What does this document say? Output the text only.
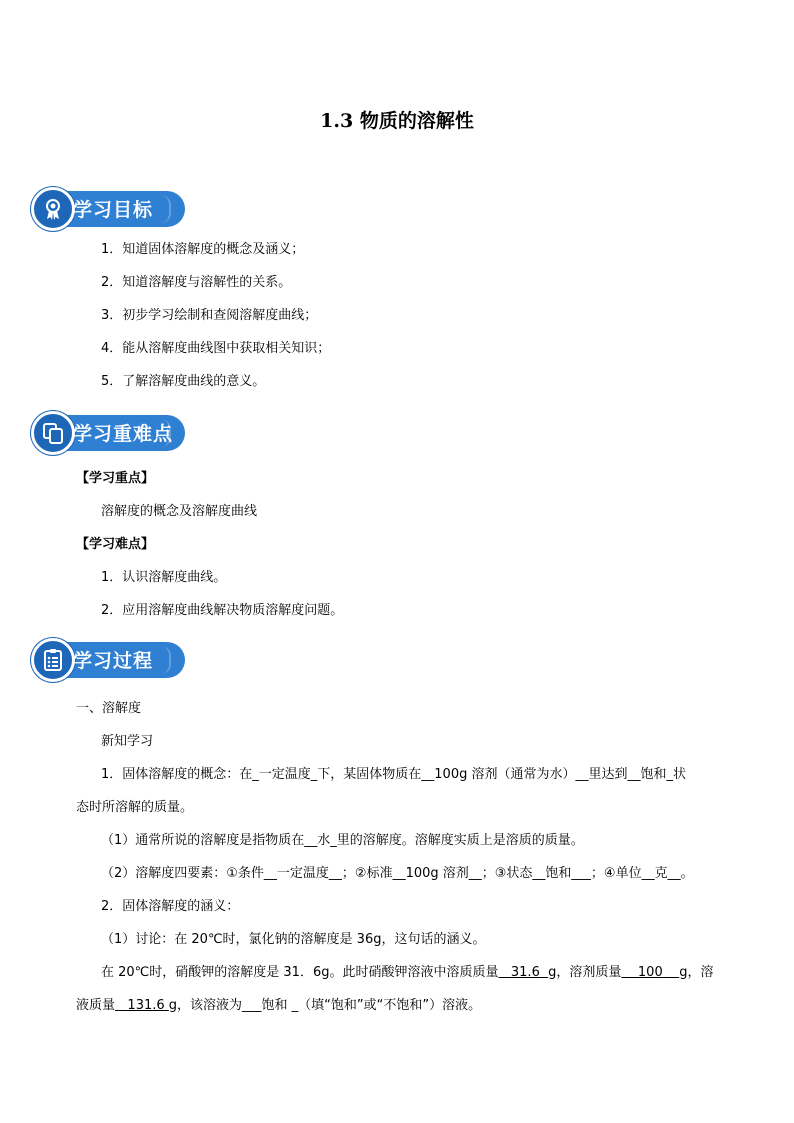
1.3 物质的溶解性
学习目标
1．知道固体溶解度的概念及涵义；
2．知道溶解度与溶解性的关系。
3．初步学习绘制和查阅溶解度曲线；
4．能从溶解度曲线图中获取相关知识；
5．了解溶解度曲线的意义。
学习重难点
【学习重点】
溶解度的概念及溶解度曲线
【学习难点】
1．认识溶解度曲线。
2．应用溶解度曲线解决物质溶解度问题。
学习过程
一、溶解度
新知学习
1．固体溶解度的概念：在_一定温度_下，某固体物质在__100g 溶剂（通常为水）__里达到__饱和_状
态时所溶解的质量。
（1）通常所说的溶解度是指物质在__水_里的溶解度。溶解度实质上是溶质的质量。
（2）溶解度四要素：①条件__一定温度__；②标准__100g 溶剂__；③状态__饱和___；④单位__克__。
2．固体溶解度的涵义：
（1）讨论：在 20℃时，氯化钠的溶解度是 36g，这句话的涵义。
在 20℃时，硝酸钾的溶解度是 31．6g。此时硝酸钾溶液中溶质质量 31.6 g，溶剂质量 100 g，溶
液质量 131.6 g，该溶液为___饱和 _（填“饱和”或“不饱和”）溶液。
